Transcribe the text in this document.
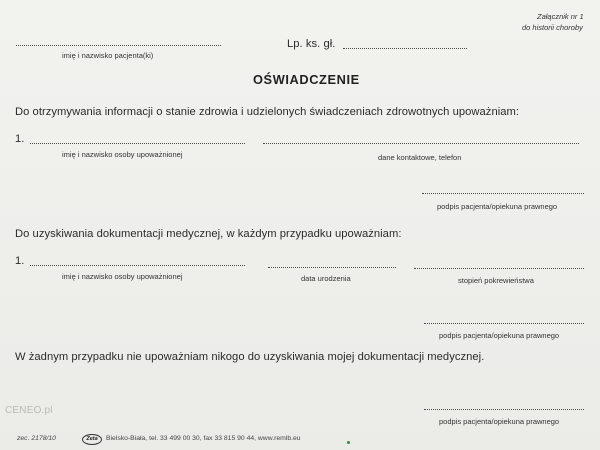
Załącznik nr 1
do historii choroby
imię i nazwisko pacjenta(ki)
Lp. ks. gł.
OŚWIADCZENIE
Do otrzymywania informacji o stanie zdrowia i udzielonych świadczeniach zdrowotnych upoważniam:
1.
imię i nazwisko osoby upoważnionej	dane kontaktowe, telefon
podpis pacjenta/opiekuna prawnego
Do uzyskiwania dokumentacji medycznej, w każdym przypadku upoważniam:
1.
imię i nazwisko osoby upoważnionej	data urodzenia	stopień pokrewieństwa
podpis pacjenta/opiekuna prawnego
W żadnym przypadku nie upoważniam nikogo do uzyskiwania mojej dokumentacji medycznej.
podpis pacjenta/opiekuna prawnego
CENEO.pl
zec. 2178/10	Zeta	Bielsko-Biała, tel. 33 499 00 30, fax 33 815 90 44, www.remlb.eu
